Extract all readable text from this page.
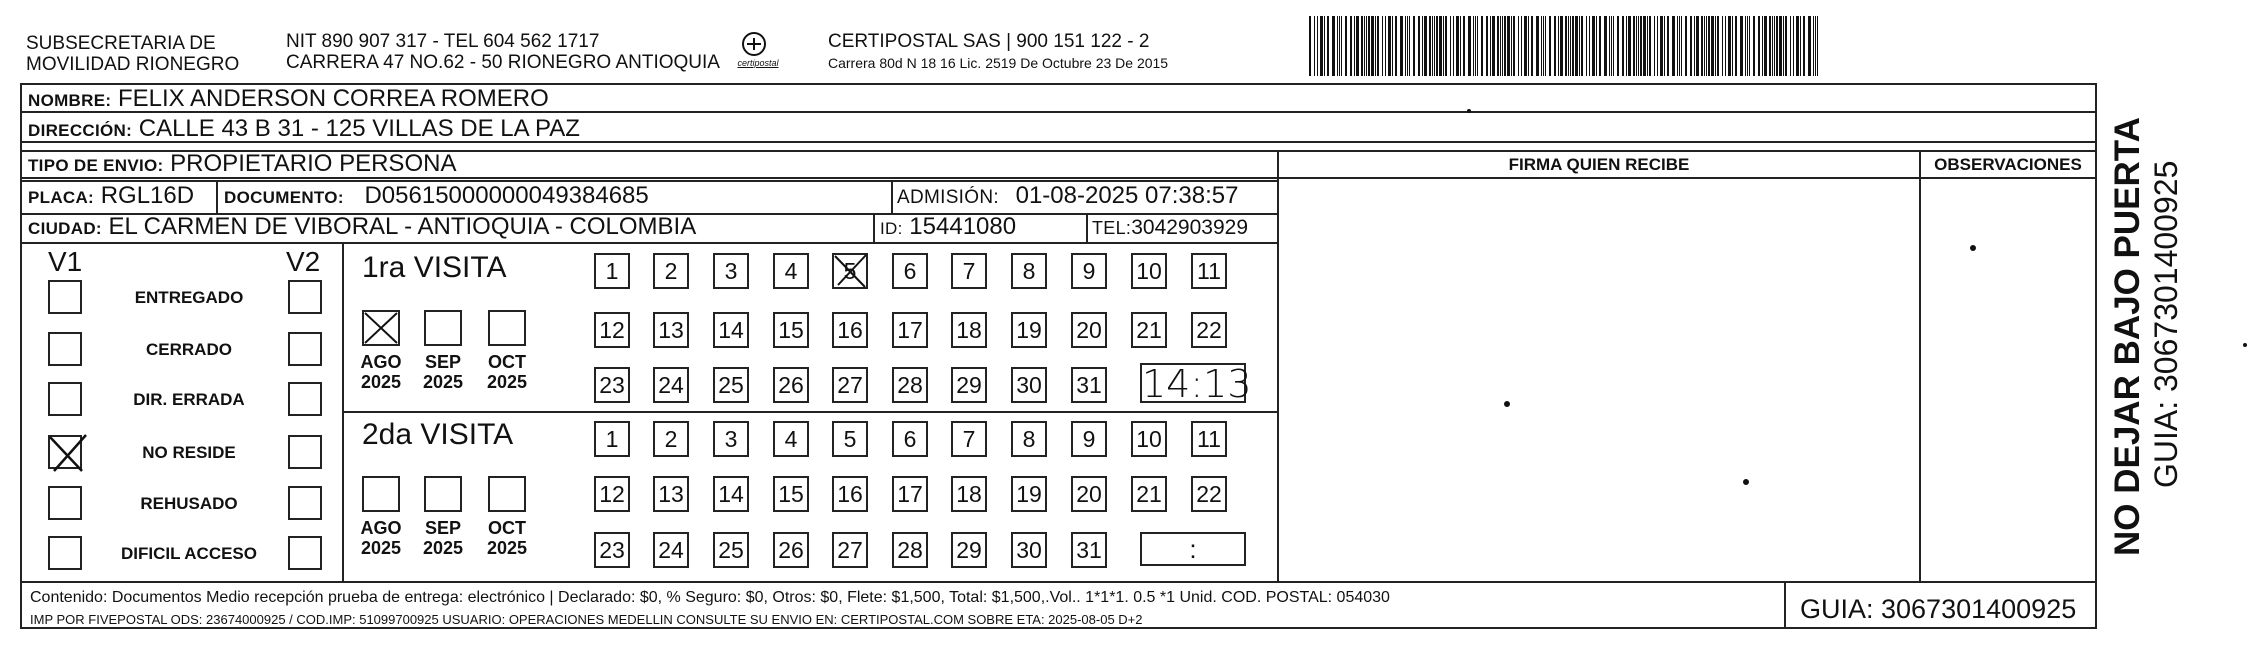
SUBSECRETARIA DE
MOVILIDAD RIONEGRO
NIT 890 907 317 - TEL 604 562 1717
CARRERA 47 NO.62 - 50 RIONEGRO ANTIOQUIA	certipostal
CERTIPOSTAL SAS | 900 151 122 - 2
Carrera 80d N 18 16 Lic. 2519 De Octubre 23 De 2015
NOMBRE: FELIX ANDERSON CORREA ROMERO
DIRECCIÓN: CALLE 43 B 31 - 125 VILLAS DE LA PAZ
TIPO DE ENVIO: PROPIETARIO PERSONA
PLACA: RGL16D DOCUMENTO: D05615000000049384685	ADMISIÓN: 01-08-2025 07:38:57
CIUDAD: EL CARMEN DE VIBORAL - ANTIOQUIA - COLOMBIA	ID: 15441080	TEL:3042903929
FIRMA QUIEN RECIBE	OBSERVACIONES
V1	V2
ENTREGADO
CERRADO
DIR. ERRADA
NO RESIDE
REHUSADO
DIFICIL ACCESO
1ra VISITA
AGO
2025
SEP
2025
OCT
2025
1	2	3	4	5	6	7	8	9	10 11
12 13 14 15 16 17 18 19 20 21 22
23 24 25 26 27 28 29 30 31 14:13
2da VISITA
AGO
2025
SEP
2025
OCT
2025
1	2	3	4	5	6	7	8	9	10 11
12 13 14 15 16 17 18 19 20 21 22
23 24 25 26 27 28 29 30 31	:
Contenido: Documentos Medio recepción prueba de entrega: electrónico | Declarado: $0, % Seguro: $0, Otros: $0, Flete: $1,500, Total: $1,500,.Vol.. 1*1*1. 0.5 *1 Unid. COD. POSTAL: 054030
IMP POR FIVEPOSTAL ODS: 23674000925 / COD.IMP: 51099700925 USUARIO: OPERACIONES MEDELLIN CONSULTE SU ENVIO EN: CERTIPOSTAL.COM SOBRE ETA: 2025-08-05 D+2	GUIA: 3067301400925
NO DEJAR BAJO PUERTA GUIA: 3067301400925
